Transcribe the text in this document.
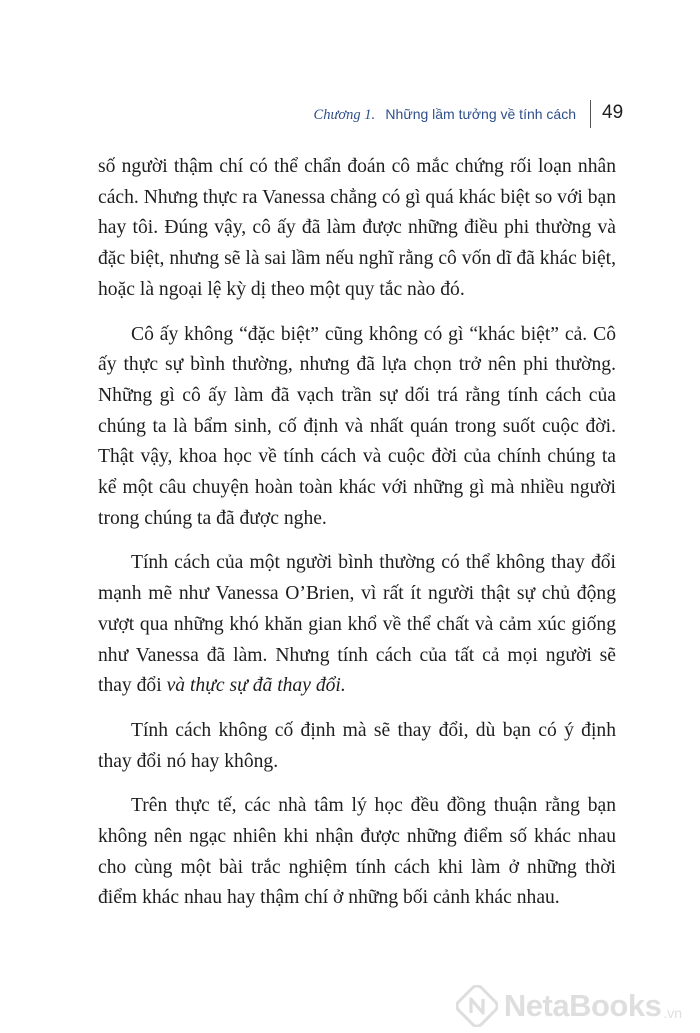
Chương 1. Những lầm tưởng về tính cách 49

số người thậm chí có thể chẩn đoán cô mắc chứng rối loạn nhân cách. Nhưng thực ra Vanessa chẳng có gì quá khác biệt so với bạn hay tôi. Đúng vậy, cô ấy đã làm được những điều phi thường và đặc biệt, nhưng sẽ là sai lầm nếu nghĩ rằng cô vốn dĩ đã khác biệt, hoặc là ngoại lệ kỳ dị theo một quy tắc nào đó.

Cô ấy không “đặc biệt” cũng không có gì “khác biệt” cả. Cô ấy thực sự bình thường, nhưng đã lựa chọn trở nên phi thường. Những gì cô ấy làm đã vạch trần sự dối trá rằng tính cách của chúng ta là bẩm sinh, cố định và nhất quán trong suốt cuộc đời. Thật vậy, khoa học về tính cách và cuộc đời của chính chúng ta kể một câu chuyện hoàn toàn khác với những gì mà nhiều người trong chúng ta đã được nghe.

Tính cách của một người bình thường có thể không thay đổi mạnh mẽ như Vanessa O’Brien, vì rất ít người thật sự chủ động vượt qua những khó khăn gian khổ về thể chất và cảm xúc giống như Vanessa đã làm. Nhưng tính cách của tất cả mọi người sẽ thay đổi và thực sự đã thay đổi.

Tính cách không cố định mà sẽ thay đổi, dù bạn có ý định thay đổi nó hay không.

Trên thực tế, các nhà tâm lý học đều đồng thuận rằng bạn không nên ngạc nhiên khi nhận được những điểm số khác nhau cho cùng một bài trắc nghiệm tính cách khi làm ở những thời điểm khác nhau hay thậm chí ở những bối cảnh khác nhau.

NetaBooks .vn
